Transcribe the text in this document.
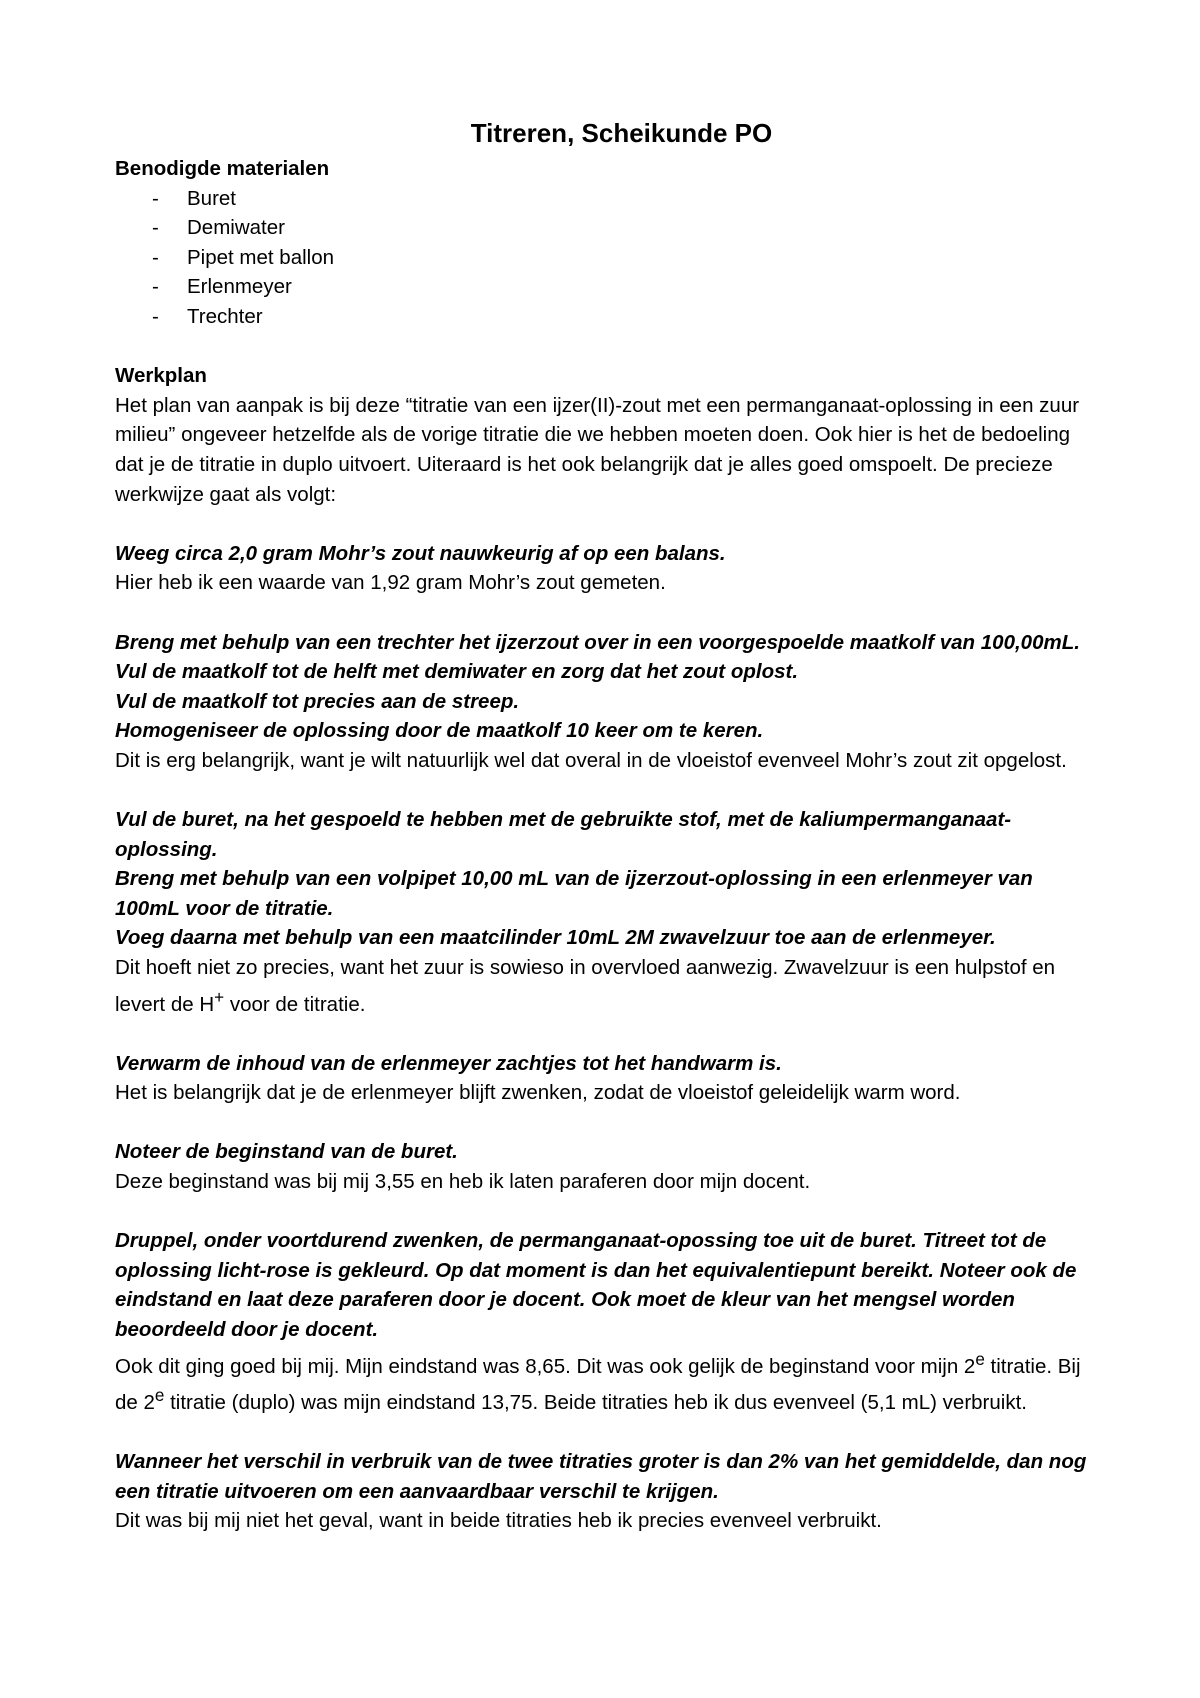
Titreren, Scheikunde PO
Benodigde materialen
- Buret
- Demiwater
- Pipet met ballon
- Erlenmeyer
- Trechter
Werkplan

Het plan van aanpak is bij deze “titratie van een ijzer(II)-zout met een permanganaat-oplossing in een zuur milieu” ongeveer hetzelfde als de vorige titratie die we hebben moeten doen. Ook hier is het de bedoeling dat je de titratie in duplo uitvoert. Uiteraard is het ook belangrijk dat je alles goed omspoelt. De precieze werkwijze gaat als volgt:

Weeg circa 2,0 gram Mohr’s zout nauwkeurig af op een balans.

Hier heb ik een waarde van 1,92 gram Mohr’s zout gemeten.

Breng met behulp van een trechter het ijzerzout over in een voorgespoelde maatkolf van 100,00mL. Vul de maatkolf tot de helft met demiwater en zorg dat het zout oplost.

Vul de maatkolf tot precies aan de streep.

Homogeniseer de oplossing door de maatkolf 10 keer om te keren.

Dit is erg belangrijk, want je wilt natuurlijk wel dat overal in de vloeistof evenveel Mohr’s zout zit opgelost.

Vul de buret, na het gespoeld te hebben met de gebruikte stof, met de kaliumpermanganaat-oplossing.

Breng met behulp van een volpipet 10,00 mL van de ijzerzout-oplossing in een erlenmeyer van 100mL voor de titratie.

Voeg daarna met behulp van een maatcilinder 10mL 2M zwavelzuur toe aan de erlenmeyer.

Dit hoeft niet zo precies, want het zuur is sowieso in overvloed aanwezig. Zwavelzuur is een hulpstof en levert de H+ voor de titratie.

Verwarm de inhoud van de erlenmeyer zachtjes tot het handwarm is.

Het is belangrijk dat je de erlenmeyer blijft zwenken, zodat de vloeistof geleidelijk warm word.

Noteer de beginstand van de buret.

Deze beginstand was bij mij 3,55 en heb ik laten paraferen door mijn docent.

Druppel, onder voortdurend zwenken, de permanganaat-opossing toe uit de buret. Titreet tot de oplossing licht-rose is gekleurd. Op dat moment is dan het equivalentiepunt bereikt. Noteer ook de eindstand en laat deze paraferen door je docent. Ook moet de kleur van het mengsel worden beoordeeld door je docent.

Ook dit ging goed bij mij. Mijn eindstand was 8,65. Dit was ook gelijk de beginstand voor mijn 2e titratie. Bij de 2e titratie (duplo) was mijn eindstand 13,75. Beide titraties heb ik dus evenveel (5,1 mL) verbruikt.

Wanneer het verschil in verbruik van de twee titraties groter is dan 2% van het gemiddelde, dan nog een titratie uitvoeren om een aanvaardbaar verschil te krijgen.

Dit was bij mij niet het geval, want in beide titraties heb ik precies evenveel verbruikt.
